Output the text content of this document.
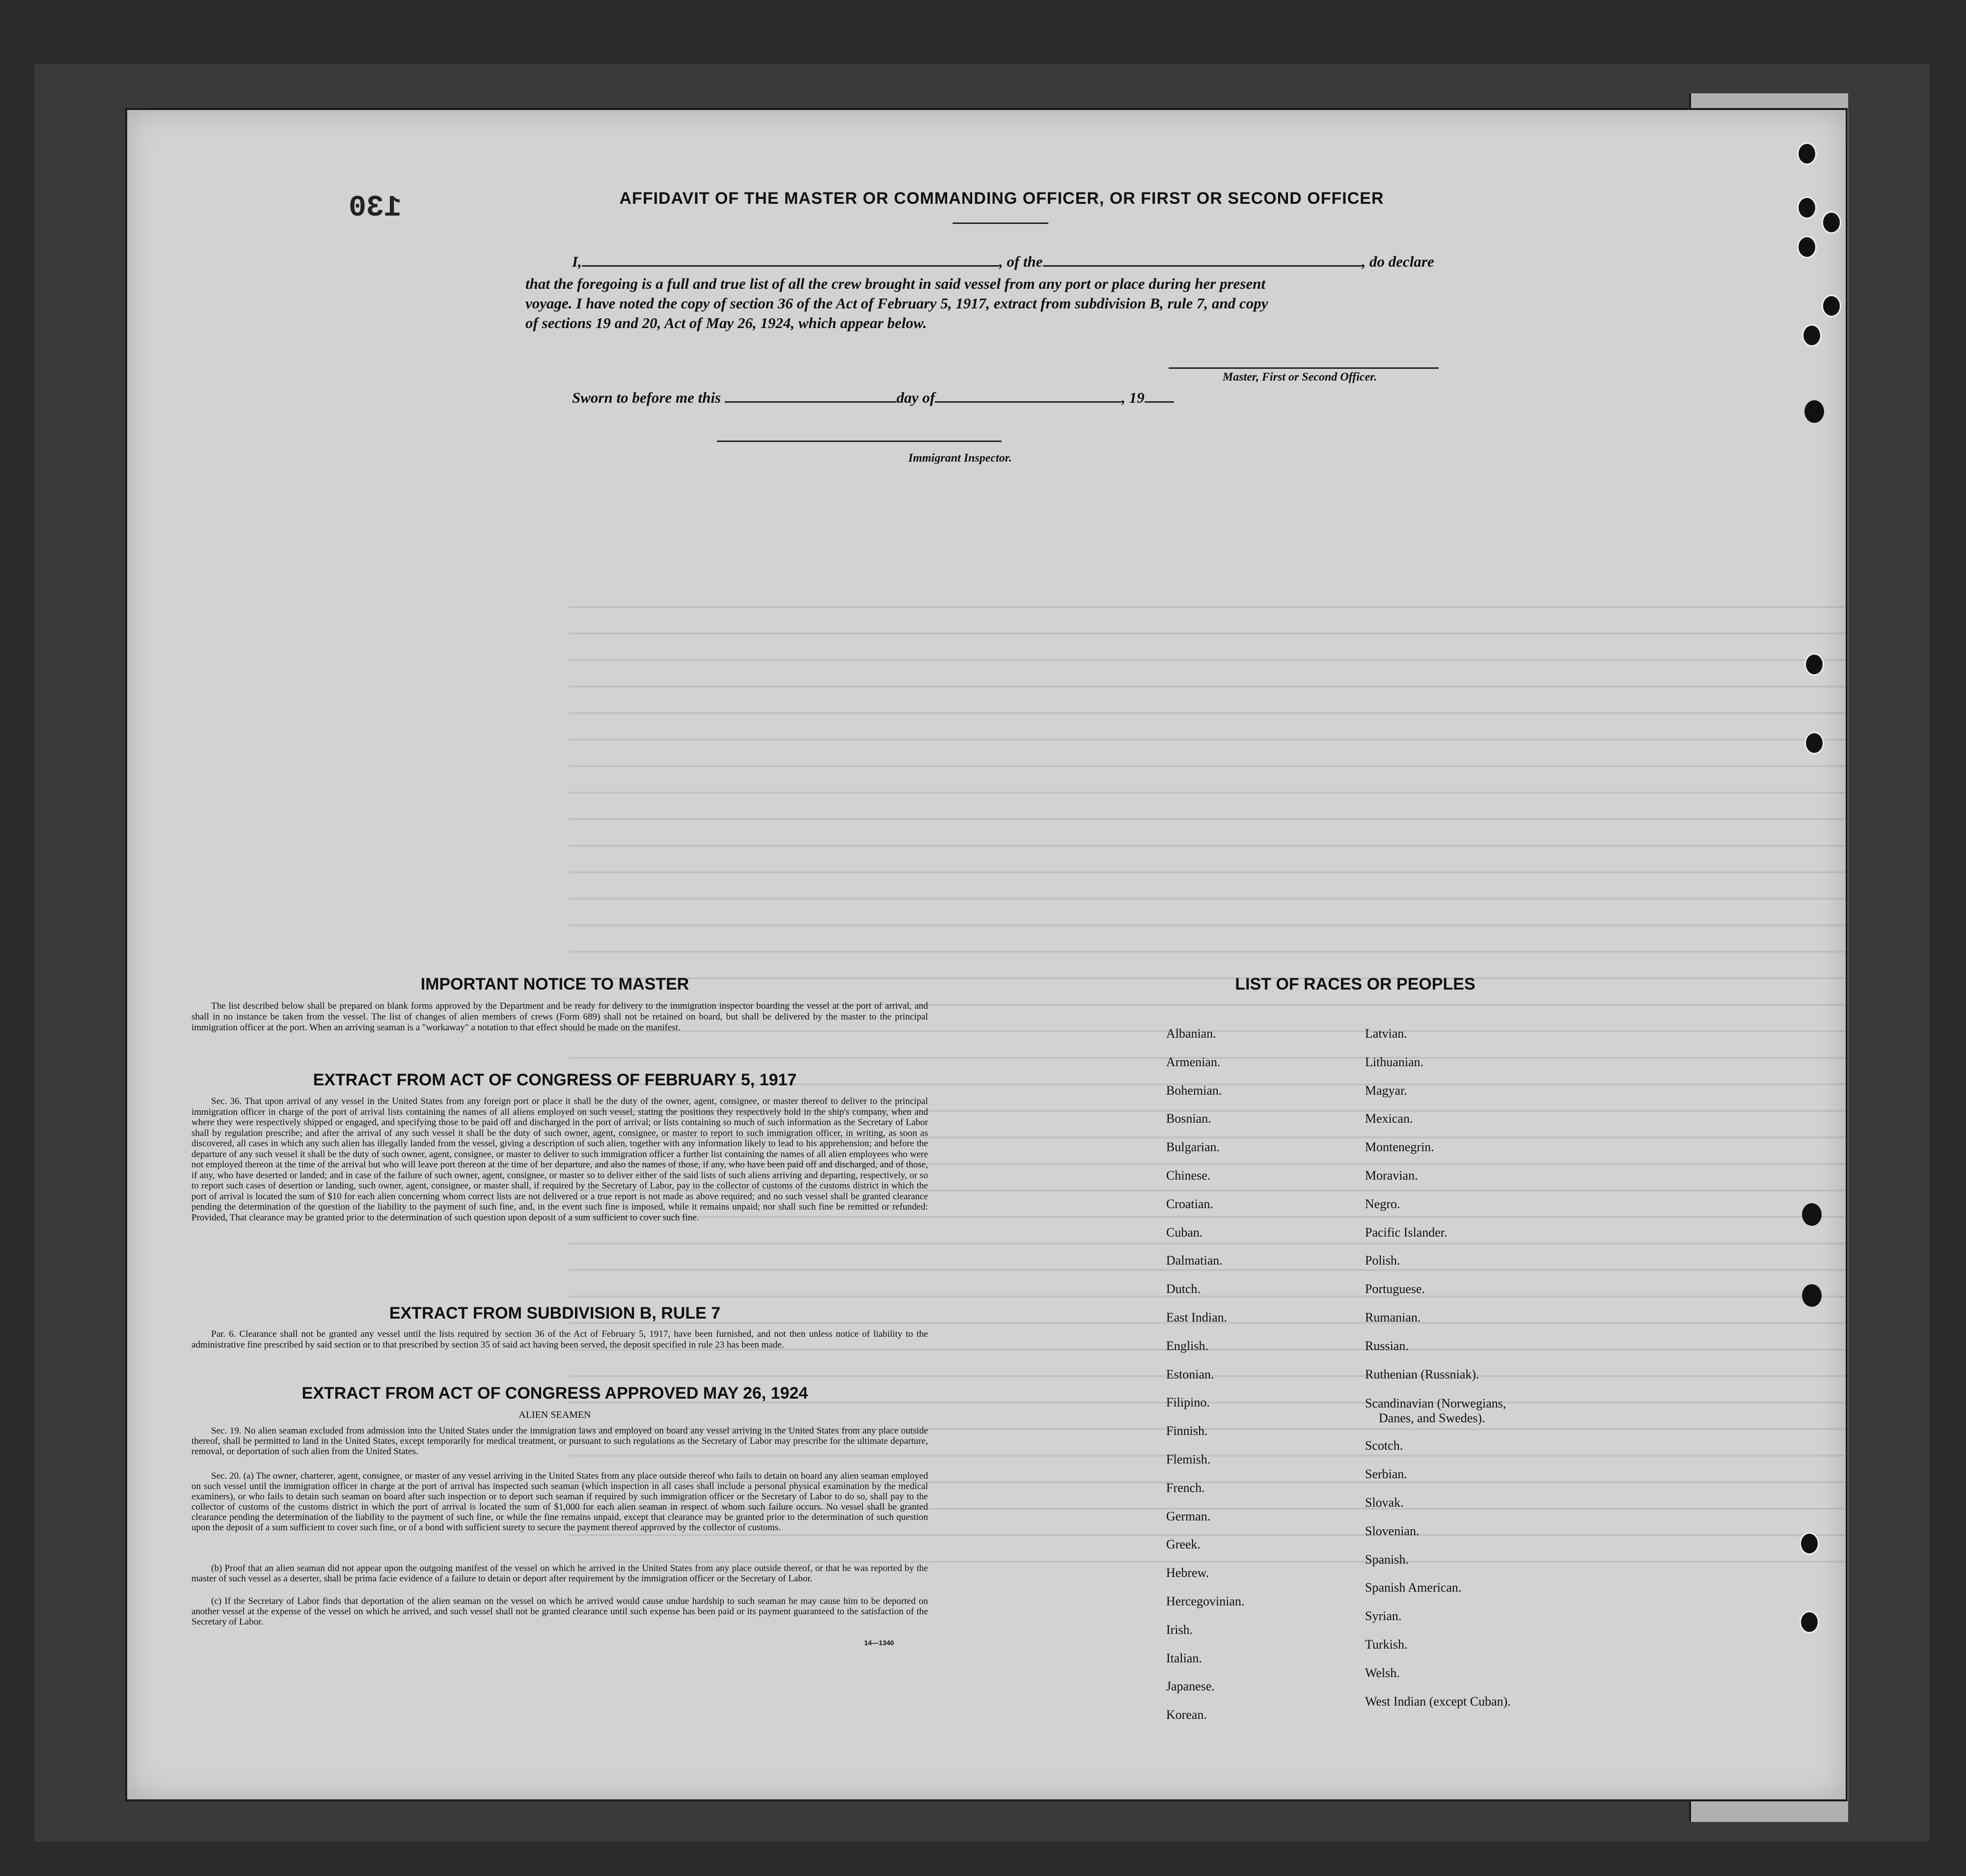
130	AFFIDAVIT OF THE MASTER OR COMMANDING OFFICER, OR FIRST OR SECOND OFFICER
I,	, of the	, do declare
that the foregoing is a full and true list of all the crew brought in said vessel from any port or place during her present
voyage. I have noted the copy of section 36 of the Act of February 5, 1917, extract from subdivision B, rule 7, and copy
of sections 19 and 20, Act of May 26, 1924, which appear below.
Master, First or Second Officer.
Sworn to before me this	day of	, 19
Immigrant Inspector.
IMPORTANT NOTICE TO MASTER
The list described below shall be prepared on blank forms approved by the Department and be ready for delivery to the immigration inspector boarding the vessel at the port of arrival, and shall in no instance be taken from the vessel. The list of changes of alien members of crews (Form 689) shall not be retained on board, but shall be delivered by the master to the principal immigration officer at the port. When an arriving seaman is a "workaway" a notation to that effect should be made on the manifest.
EXTRACT FROM ACT OF CONGRESS OF FEBRUARY 5, 1917
Sec. 36. That upon arrival of any vessel in the United States from any foreign port or place it shall be the duty of the owner, agent, consignee, or master thereof to deliver to the principal immigration officer in charge of the port of arrival lists containing the names of all aliens employed on such vessel, stating the positions they respectively hold in the ship's company, when and where they were respectively shipped or engaged, and specifying those to be paid off and discharged in the port of arrival; or lists containing so much of such information as the Secretary of Labor shall by regulation prescribe; and after the arrival of any such vessel it shall be the duty of such owner, agent, consignee, or master to report to such immigration officer, in writing, as soon as discovered, all cases in which any such alien has illegally landed from the vessel, giving a description of such alien, together with any information likely to lead to his apprehension; and before the departure of any such vessel it shall be the duty of such owner, agent, consignee, or master to deliver to such immigration officer a further list containing the names of all alien employees who were not employed thereon at the time of the arrival but who will leave port thereon at the time of her departure, and also the names of those, if any, who have been paid off and discharged, and of those, if any, who have deserted or landed; and in case of the failure of such owner, agent, consignee, or master so to deliver either of the said lists of such aliens arriving and departing, respectively, or so to report such cases of desertion or landing, such owner, agent, consignee, or master shall, if required by the Secretary of Labor, pay to the collector of customs of the customs district in which the port of arrival is located the sum of $10 for each alien concerning whom correct lists are not delivered or a true report is not made as above required; and no such vessel shall be granted clearance pending the determination of the question of the liability to the payment of such fine, and, in the event such fine is imposed, while it remains unpaid; nor shall such fine be remitted or refunded: Provided, That clearance may be granted prior to the determination of such question upon deposit of a sum sufficient to cover such fine.
EXTRACT FROM SUBDIVISION B, RULE 7
Par. 6. Clearance shall not be granted any vessel until the lists required by section 36 of the Act of February 5, 1917, have been furnished, and not then unless notice of liability to the administrative fine prescribed by said section or to that prescribed by section 35 of said act having been served, the deposit specified in rule 23 has been made.
EXTRACT FROM ACT OF CONGRESS APPROVED MAY 26, 1924
ALIEN SEAMEN
Sec. 19. No alien seaman excluded from admission into the United States under the immigration laws and employed on board any vessel arriving in the United States from any place outside thereof, shall be permitted to land in the United States, except temporarily for medical treatment, or pursuant to such regulations as the Secretary of Labor may prescribe for the ultimate departure, removal, or deportation of such alien from the United States.
Sec. 20. (a) The owner, charterer, agent, consignee, or master of any vessel arriving in the United States from any place outside thereof who fails to detain on board any alien seaman employed on such vessel until the immigration officer in charge at the port of arrival has inspected such seaman (which inspection in all cases shall include a personal physical examination by the medical examiners), or who fails to detain such seaman on board after such inspection or to deport such seaman if required by such immigration officer or the Secretary of Labor to do so, shall pay to the collector of customs of the customs district in which the port of arrival is located the sum of $1,000 for each alien seaman in respect of whom such failure occurs. No vessel shall be granted clearance pending the determination of the liability to the payment of such fine, or while the fine remains unpaid, except that clearance may be granted prior to the determination of such question upon the deposit of a sum sufficient to cover such fine, or of a bond with sufficient surety to secure the payment thereof approved by the collector of customs.
(b) Proof that an alien seaman did not appear upon the outgoing manifest of the vessel on which he arrived in the United States from any place outside thereof, or that he was reported by the master of such vessel as a deserter, shall be prima facie evidence of a failure to detain or deport after requirement by the immigration officer or the Secretary of Labor.
(c) If the Secretary of Labor finds that deportation of the alien seaman on the vessel on which he arrived would cause undue hardship to such seaman he may cause him to be deported on another vessel at the expense of the vessel on which he arrived, and such vessel shall not be granted clearance until such expense has been paid or its payment guaranteed to the satisfaction of the Secretary of Labor.
14—1340
LIST OF RACES OR PEOPLES
Albanian.
Armenian.
Bohemian.
Bosnian.
Bulgarian.
Chinese.
Croatian.
Cuban.
Dalmatian.
Dutch.
East Indian.
English.
Estonian.
Filipino.
Finnish.
Flemish.
French.
German.
Greek.
Hebrew.
Hercegovinian.
Irish.
Italian.
Japanese.
Korean.
Latvian.
Lithuanian.
Magyar.
Mexican.
Montenegrin.
Moravian.
Negro.
Pacific Islander.
Polish.
Portuguese.
Rumanian.
Russian.
Ruthenian (Russniak).
Scandinavian (Norwegians,
Danes, and Swedes).
Scotch.
Serbian.
Slovak.
Slovenian.
Spanish.
Spanish American.
Syrian.
Turkish.
Welsh.
West Indian (except Cuban).
